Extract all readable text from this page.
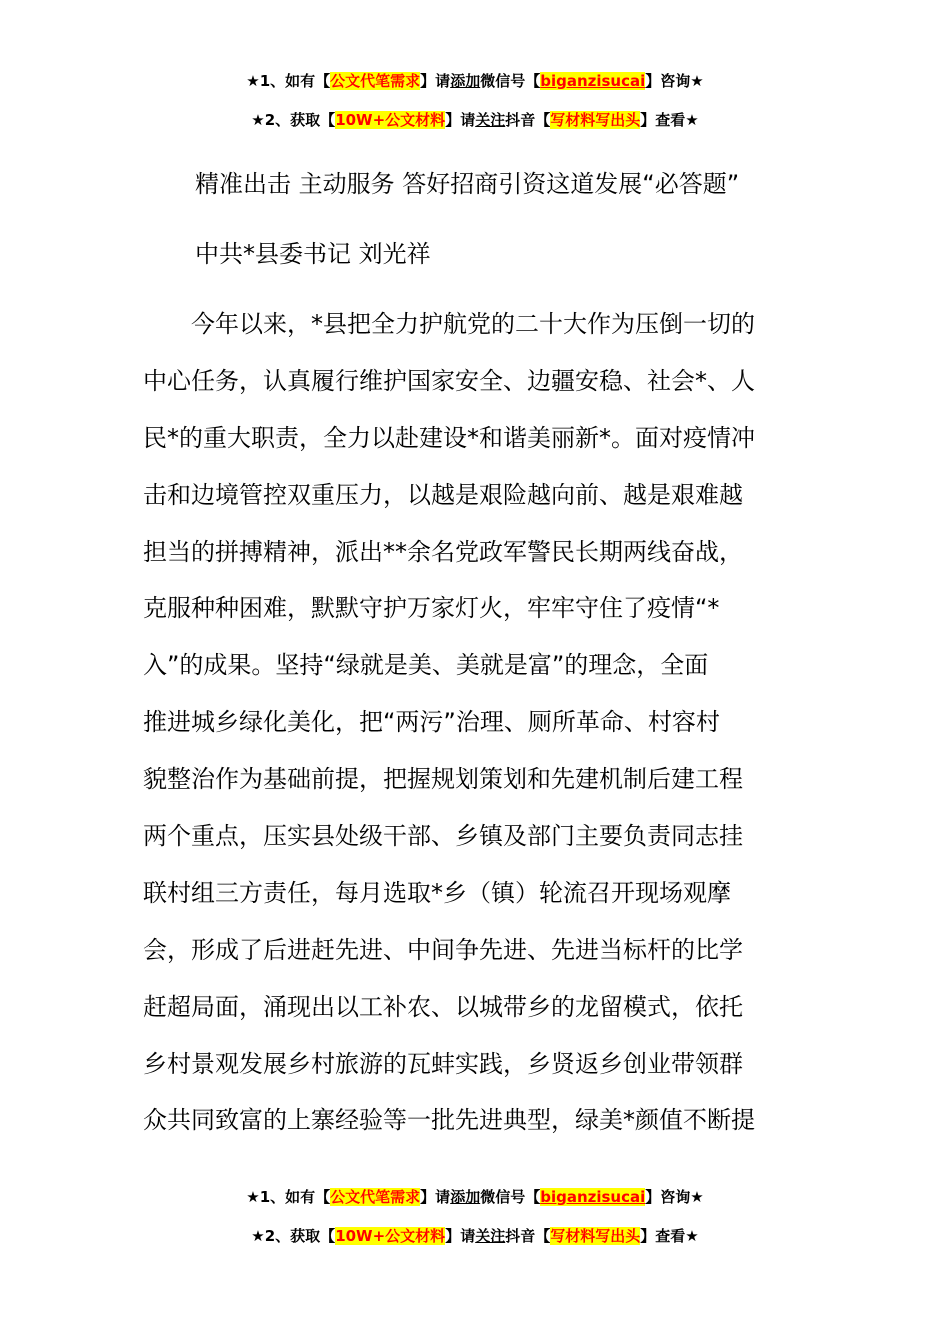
★1、如有【公文代笔需求】请添加微信号【biganzisucai】咨询★
★2、获取【10W+公文材料】请关注抖音【写材料写出头】查看★
精准出击 主动服务 答好招商引资这道发展“必答题”
中共*县委书记 刘光祥
　　今年以来，*县把全力护航党的二十大作为压倒一切的
中心任务，认真履行维护国家安全、边疆安稳、社会*、人
民*的重大职责，全力以赴建设*和谐美丽新*。面对疫情冲
击和边境管控双重压力，以越是艰险越向前、越是艰难越
担当的拼搏精神，派出**余名党政军警民长期两线奋战，
克服种种困难，默默守护万家灯火，牢牢守住了疫情“*
入”的成果。坚持“绿就是美、美就是富”的理念，全面
推进城乡绿化美化，把“两污”治理、厕所革命、村容村
貌整治作为基础前提，把握规划策划和先建机制后建工程
两个重点，压实县处级干部、乡镇及部门主要负责同志挂
联村组三方责任，每月选取*乡（镇）轮流召开现场观摩
会，形成了后进赶先进、中间争先进、先进当标杆的比学
赶超局面，涌现出以工补农、以城带乡的龙留模式，依托
乡村景观发展乡村旅游的瓦蚌实践，乡贤返乡创业带领群
众共同致富的上寨经验等一批先进典型，绿美*颜值不断提
★1、如有【公文代笔需求】请添加微信号【biganzisucai】咨询★
★2、获取【10W+公文材料】请关注抖音【写材料写出头】查看★
